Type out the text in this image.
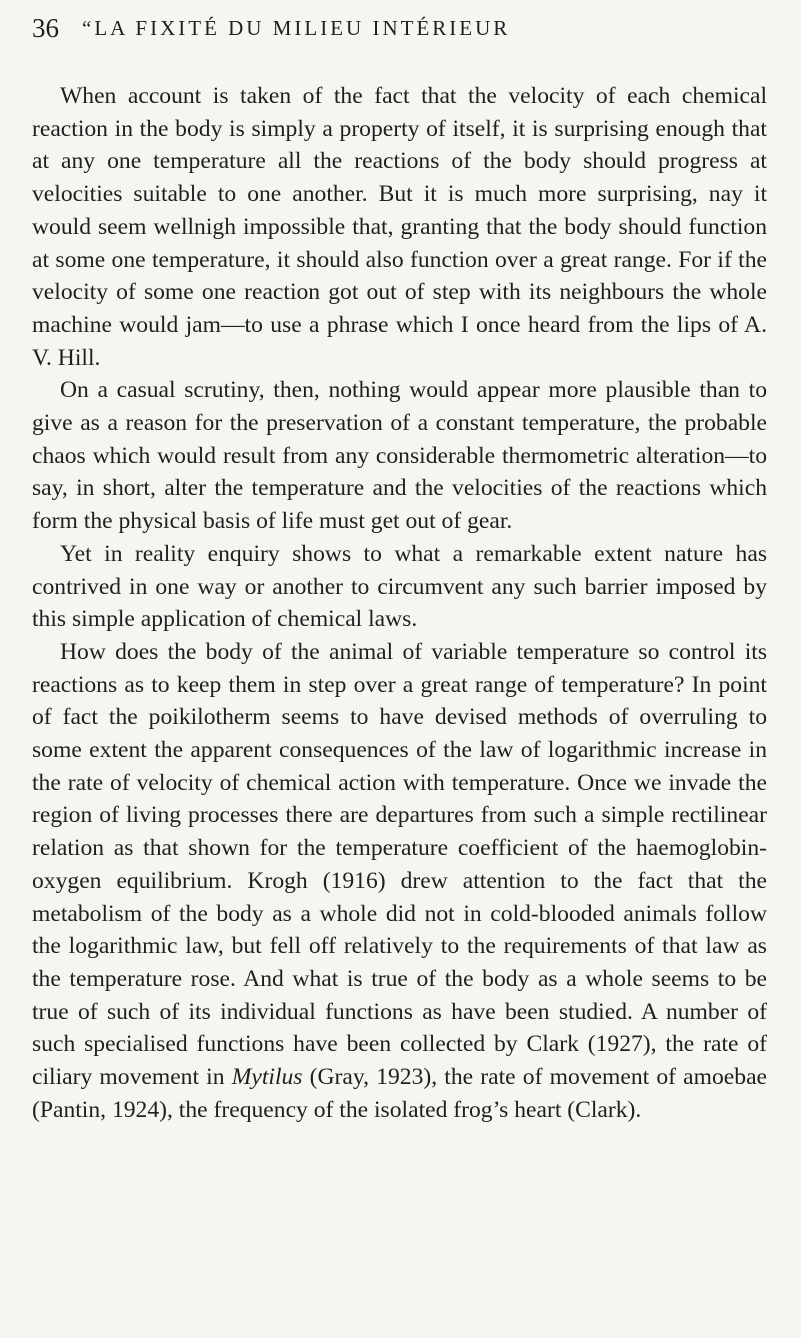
36 “LA FIXITÉ DU MILIEU INTÉRIEUR

When account is taken of the fact that the velocity of each chemical reaction in the body is simply a property of itself, it is surprising enough that at any one temperature all the reactions of the body should progress at velocities suitable to one another. But it is much more surprising, nay it would seem wellnigh impossible that, granting that the body should function at some one temperature, it should also function over a great range. For if the velocity of some one reaction got out of step with its neighbours the whole machine would jam—to use a phrase which I once heard from the lips of A. V. Hill.

On a casual scrutiny, then, nothing would appear more plausible than to give as a reason for the preservation of a constant temperature, the probable chaos which would result from any considerable thermometric alteration—to say, in short, alter the temperature and the velocities of the reactions which form the physical basis of life must get out of gear.

Yet in reality enquiry shows to what a remarkable extent nature has contrived in one way or another to circumvent any such barrier imposed by this simple application of chemical laws.

How does the body of the animal of variable temperature so control its reactions as to keep them in step over a great range of temperature? In point of fact the poikilotherm seems to have devised methods of overruling to some extent the apparent consequences of the law of logarithmic increase in the rate of velocity of chemical action with temperature. Once we invade the region of living processes there are departures from such a simple rectilinear relation as that shown for the temperature coefficient of the haemoglobin-oxygen equilibrium. Krogh (1916) drew attention to the fact that the metabolism of the body as a whole did not in cold-blooded animals follow the logarithmic law, but fell off relatively to the requirements of that law as the temperature rose. And what is true of the body as a whole seems to be true of such of its individual functions as have been studied. A number of such specialised functions have been collected by Clark (1927), the rate of ciliary movement in Mytilus (Gray, 1923), the rate of movement of amoebae (Pantin, 1924), the frequency of the isolated frog’s heart (Clark).
